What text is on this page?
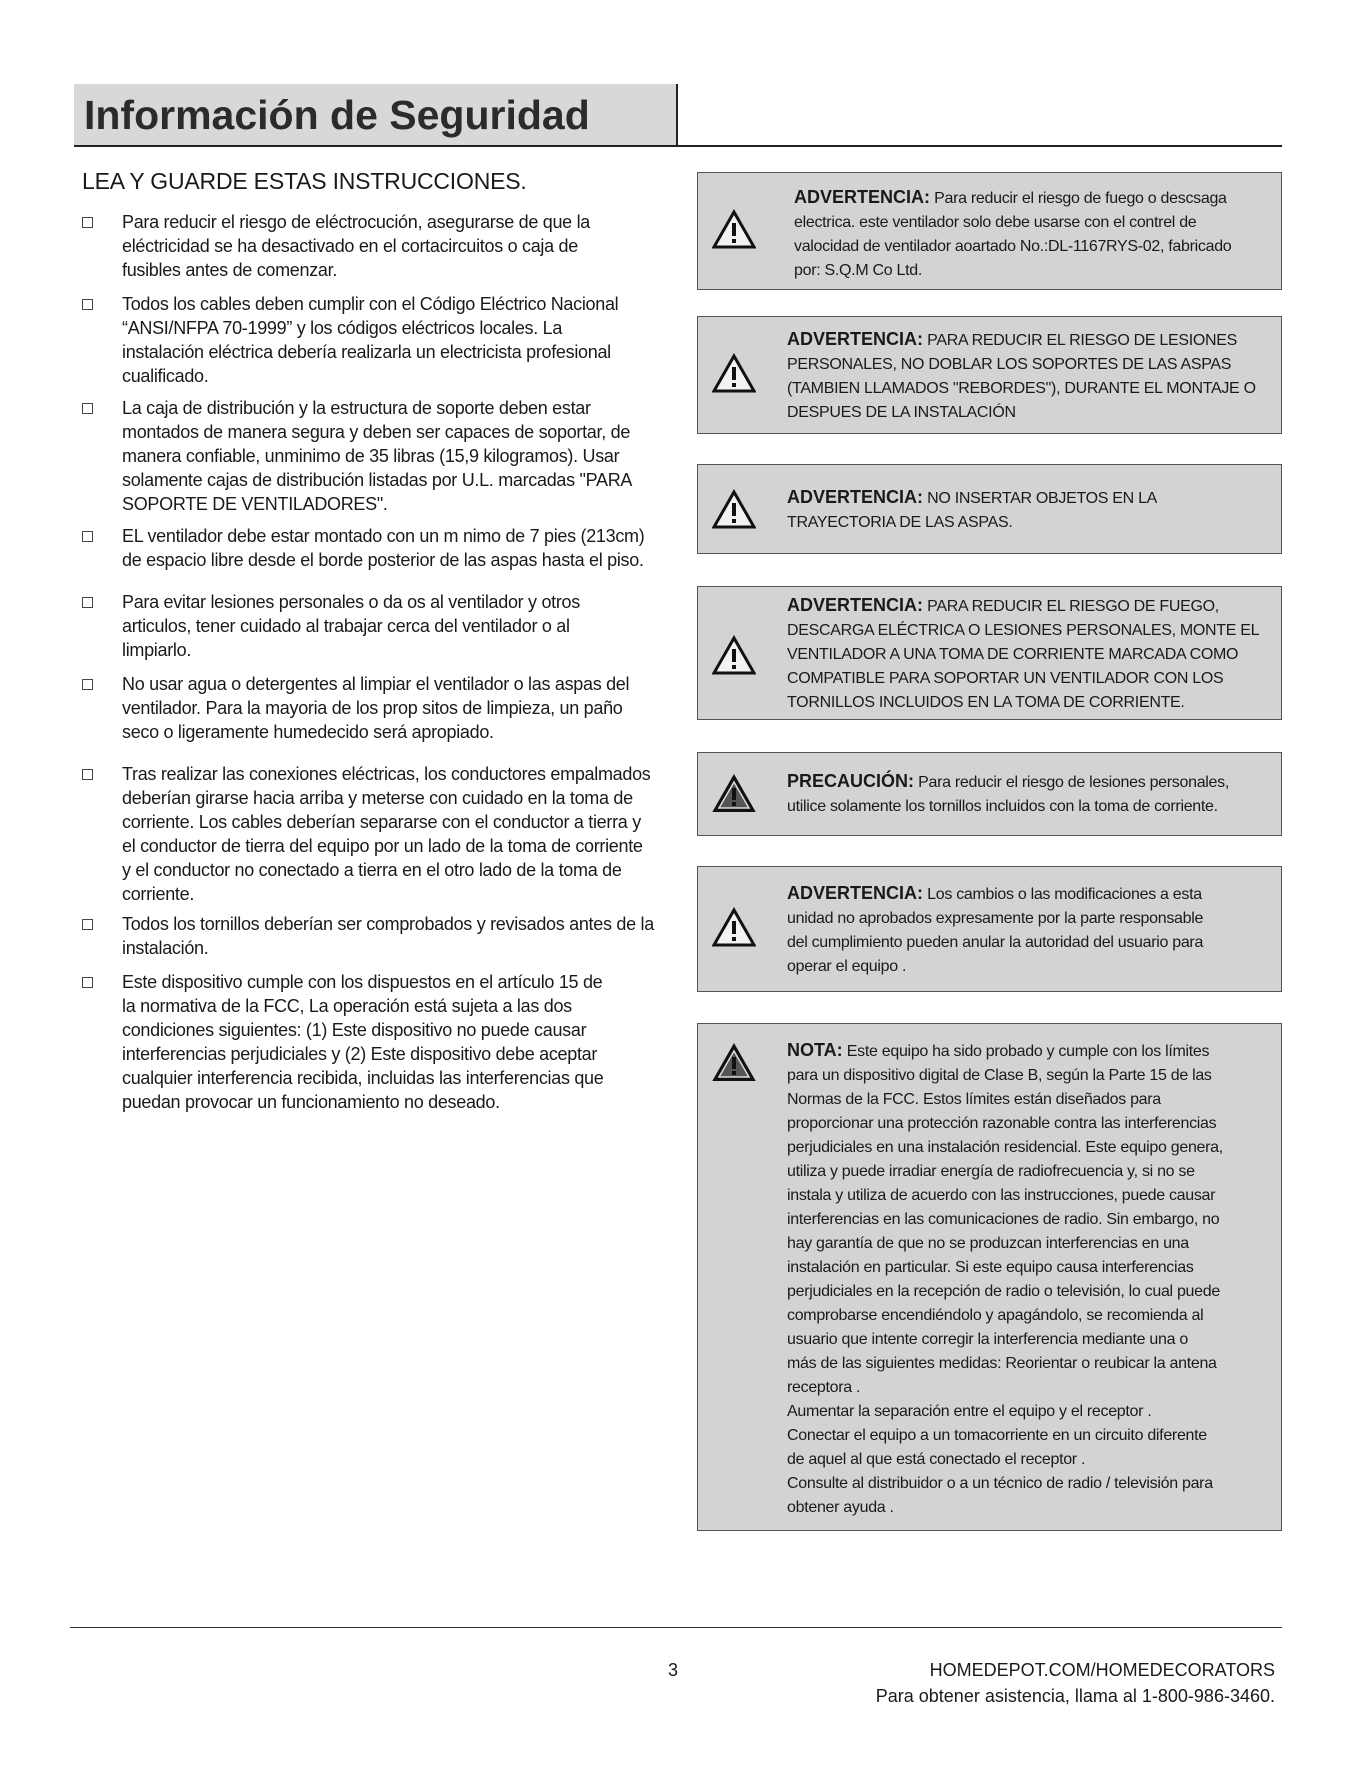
Información de Seguridad
LEA Y GUARDE ESTAS INSTRUCCIONES.
Para reducir el riesgo de eléctrocución, asegurarse de que la
eléctricidad se ha desactivado en el cortacircuitos o caja de
fusibles antes de comenzar.
Todos los cables deben cumplir con el Código Eléctrico Nacional
“ANSI/NFPA 70-1999” y los códigos eléctricos locales. La
instalación eléctrica debería realizarla un electricista profesional
cualificado.
La caja de distribución y la estructura de soporte deben estar
montados de manera segura y deben ser capaces de soportar, de
manera confiable, unminimo de 35 libras (15,9 kilogramos). Usar
solamente cajas de distribución listadas por U.L. marcadas "PARA
SOPORTE DE VENTILADORES".
EL ventilador debe estar montado con un m nimo de 7 pies (213cm)
de espacio libre desde el borde posterior de las aspas hasta el piso.
Para evitar lesiones personales o da os al ventilador y otros
articulos, tener cuidado al trabajar cerca del ventilador o al
limpiarlo.
No usar agua o detergentes al limpiar el ventilador o las aspas del
ventilador. Para la mayoria de los prop sitos de limpieza, un paño
seco o ligeramente humedecido será apropiado.
Tras realizar las conexiones eléctricas, los conductores empalmados
deberían girarse hacia arriba y meterse con cuidado en la toma de
corriente. Los cables deberían separarse con el conductor a tierra y
el conductor de tierra del equipo por un lado de la toma de corriente
y el conductor no conectado a tierra en el otro lado de la toma de
corriente.
Todos los tornillos deberían ser comprobados y revisados antes de la
instalación.
Este dispositivo cumple con los dispuestos en el artículo 15 de
la normativa de la FCC, La operación está sujeta a las dos
condiciones siguientes: (1) Este dispositivo no puede causar
interferencias perjudiciales y (2) Este dispositivo debe aceptar
cualquier interferencia recibida, incluidas las interferencias que
puedan provocar un funcionamiento no deseado.
ADVERTENCIA: Para reducir el riesgo de fuego o descsaga
electrica. este ventilador solo debe usarse con el contrel de
valocidad de ventilador aoartado No.:DL-1167RYS-02, fabricado
por: S.Q.M Co Ltd.
ADVERTENCIA: PARA REDUCIR EL RIESGO DE LESIONES
PERSONALES, NO DOBLAR LOS SOPORTES DE LAS ASPAS
(TAMBIEN LLAMADOS "REBORDES"), DURANTE EL MONTAJE O
DESPUES DE LA INSTALACIÓN
ADVERTENCIA: NO INSERTAR OBJETOS EN LA
TRAYECTORIA DE LAS ASPAS.
ADVERTENCIA: PARA REDUCIR EL RIESGO DE FUEGO,
DESCARGA ELÉCTRICA O LESIONES PERSONALES, MONTE EL
VENTILADOR A UNA TOMA DE CORRIENTE MARCADA COMO
COMPATIBLE PARA SOPORTAR UN VENTILADOR CON LOS
TORNILLOS INCLUIDOS EN LA TOMA DE CORRIENTE.
PRECAUCIÓN: Para reducir el riesgo de lesiones personales,
utilice solamente los tornillos incluidos con la toma de corriente.
ADVERTENCIA: Los cambios o las modificaciones a esta
unidad no aprobados expresamente por la parte responsable
del cumplimiento pueden anular la autoridad del usuario para
operar el equipo .
NOTA: Este equipo ha sido probado y cumple con los límites
para un dispositivo digital de Clase B, según la Parte 15 de las
Normas de la FCC. Estos límites están diseñados para
proporcionar una protección razonable contra las interferencias
perjudiciales en una instalación residencial. Este equipo genera,
utiliza y puede irradiar energía de radiofrecuencia y, si no se
instala y utiliza de acuerdo con las instrucciones, puede causar
interferencias en las comunicaciones de radio. Sin embargo, no
hay garantía de que no se produzcan interferencias en una
instalación en particular. Si este equipo causa interferencias
perjudiciales en la recepción de radio o televisión, lo cual puede
comprobarse encendiéndolo y apagándolo, se recomienda al
usuario que intente corregir la interferencia mediante una o
más de las siguientes medidas: Reorientar o reubicar la antena
receptora .
Aumentar la separación entre el equipo y el receptor .
Conectar el equipo a un tomacorriente en un circuito diferente
de aquel al que está conectado el receptor .
Consulte al distribuidor o a un técnico de radio / televisión para
obtener ayuda .
3	HOMEDEPOT.COM/HOMEDECORATORS
Para obtener asistencia, llama al 1-800-986-3460.
